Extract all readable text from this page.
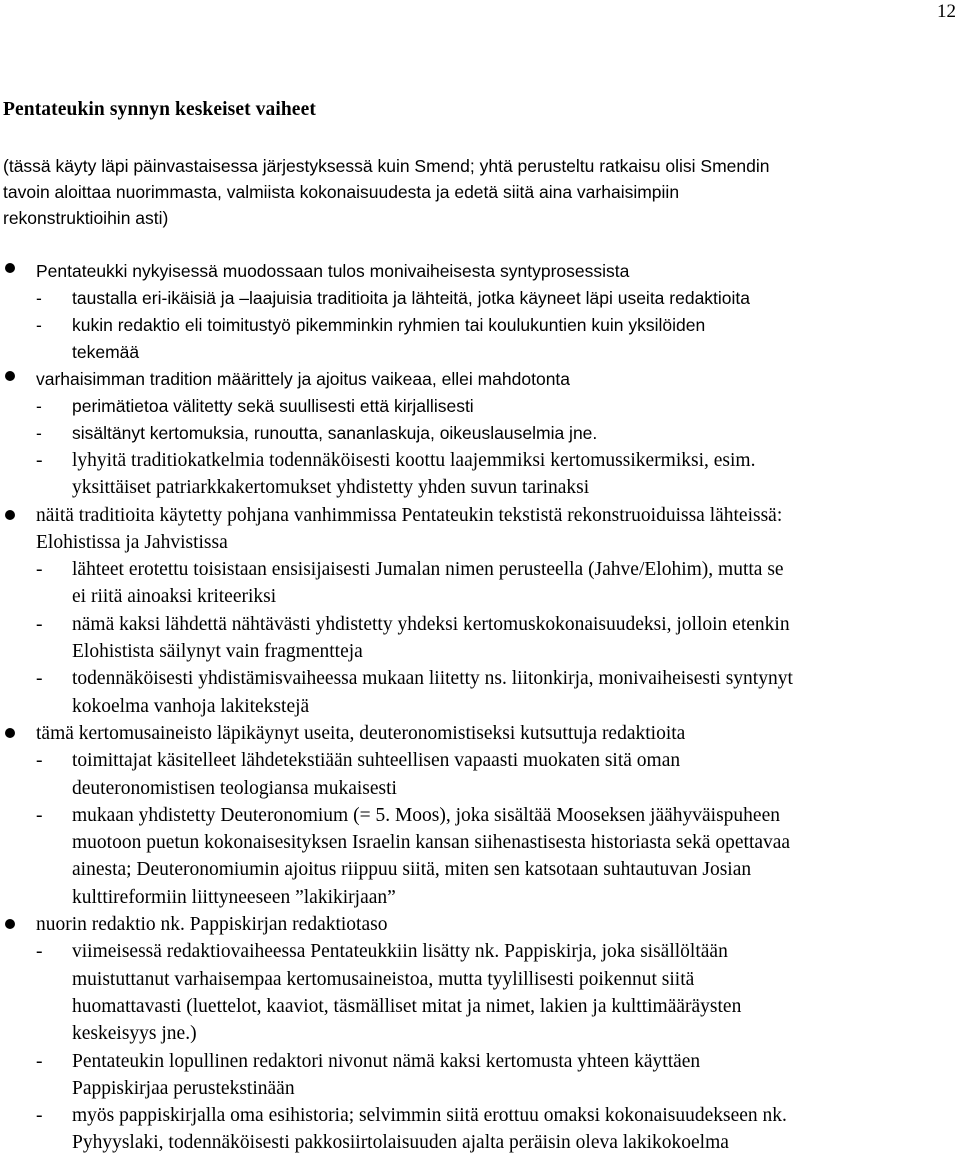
12
Pentateukin synnyn keskeiset vaiheet
(tässä käyty läpi päinvastaisessa järjestyksessä kuin Smend; yhtä perusteltu ratkaisu olisi Smendin
tavoin aloittaa nuorimmasta, valmiista kokonaisuudesta ja edetä siitä aina varhaisimpiin
rekonstruktioihin asti)
Pentateukki nykyisessä muodossaan tulos monivaiheisesta syntyprosessista
- taustalla eri-ikäisiä ja –laajuisia traditioita ja lähteitä, jotka käyneet läpi useita redaktioita
- kukin redaktio eli toimitustyö pikemminkin ryhmien tai koulukuntien kuin yksilöiden
tekemää
varhaisimman tradition määrittely ja ajoitus vaikeaa, ellei mahdotonta
- perimätietoa välitetty sekä suullisesti että kirjallisesti
- sisältänyt kertomuksia, runoutta, sananlaskuja, oikeuslauselmia jne.
- lyhyitä traditiokatkelmia todennäköisesti koottu laajemmiksi kertomussikermiksi, esim.
yksittäiset patriarkkakertomukset yhdistetty yhden suvun tarinaksi
näitä traditioita käytetty pohjana vanhimmissa Pentateukin tekstistä rekonstruoiduissa lähteissä:
Elohistissa ja Jahvistissa
- lähteet erotettu toisistaan ensisijaisesti Jumalan nimen perusteella (Jahve/Elohim), mutta se
ei riitä ainoaksi kriteeriksi
- nämä kaksi lähdettä nähtävästi yhdistetty yhdeksi kertomuskokonaisuudeksi, jolloin etenkin
Elohistista säilynyt vain fragmentteja
- todennäköisesti yhdistämisvaiheessa mukaan liitetty ns. liitonkirja, monivaiheisesti syntynyt
kokoelma vanhoja lakitekstejä
tämä kertomusaineisto läpikäynyt useita, deuteronomistiseksi kutsuttuja redaktioita
- toimittajat käsitelleet lähdetekstiään suhteellisen vapaasti muokaten sitä oman
deuteronomistisen teologiansa mukaisesti
- mukaan yhdistetty Deuteronomium (= 5. Moos), joka sisältää Mooseksen jäähyväispuheen
muotoon puetun kokonaisesityksen Israelin kansan siihenastisesta historiasta sekä opettavaa
ainesta; Deuteronomiumin ajoitus riippuu siitä, miten sen katsotaan suhtautuvan Josian
kulttireformiin liittyneeseen ”lakikirjaan”
nuorin redaktio nk. Pappiskirjan redaktiotaso
- viimeisessä redaktiovaiheessa Pentateukkiin lisätty nk. Pappiskirja, joka sisällöltään
muistuttanut varhaisempaa kertomusaineistoa, mutta tyylillisesti poikennut siitä
huomattavasti (luettelot, kaaviot, täsmälliset mitat ja nimet, lakien ja kulttimääräysten
keskeisyys jne.)
- Pentateukin lopullinen redaktori nivonut nämä kaksi kertomusta yhteen käyttäen
Pappiskirjaa perustekstinään
- myös pappiskirjalla oma esihistoria; selvimmin siitä erottuu omaksi kokonaisuudekseen nk.
Pyhyyslaki, todennäköisesti pakkosiirtolaisuuden ajalta peräisin oleva lakikokoelma
